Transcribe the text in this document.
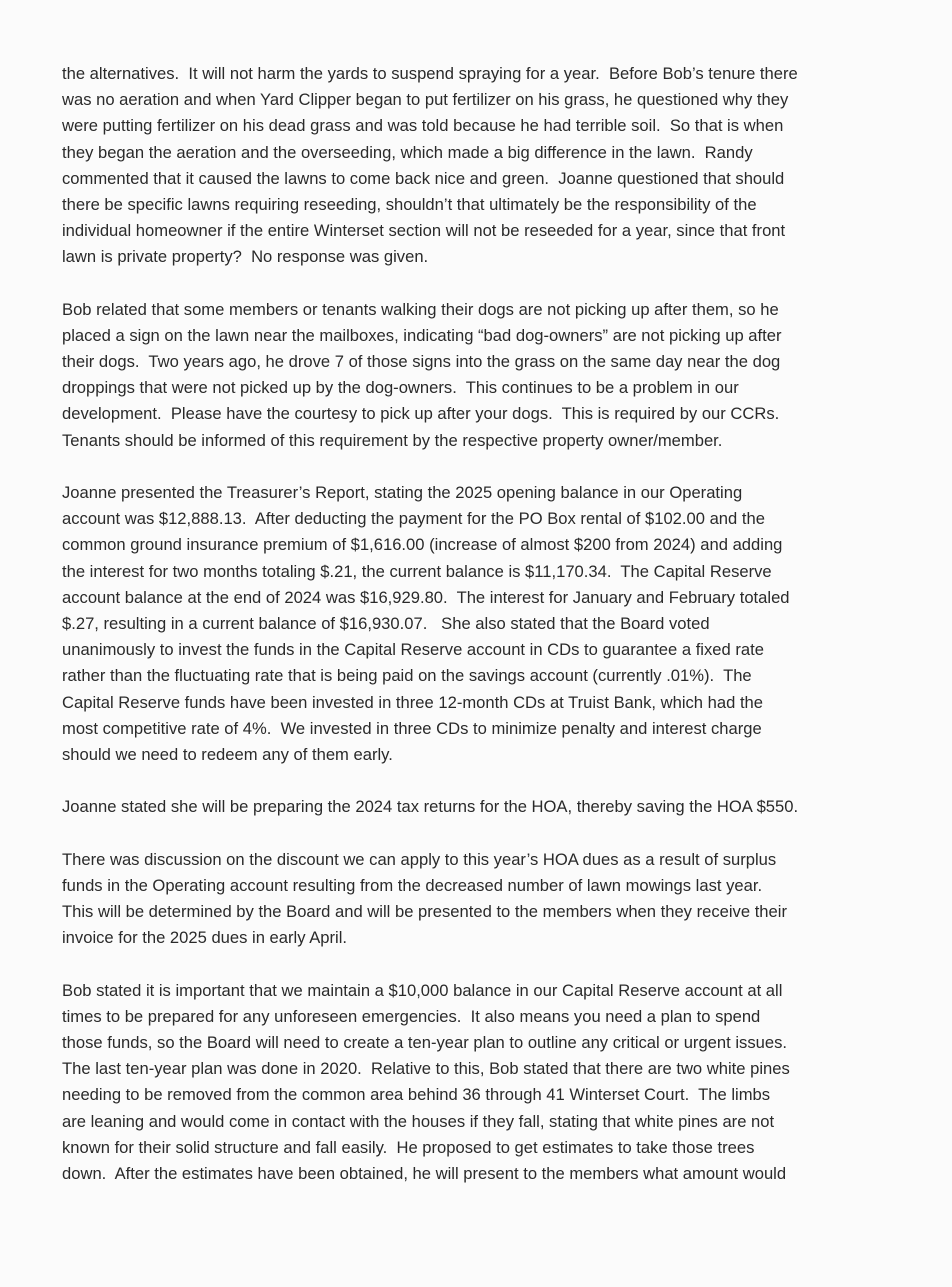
the alternatives.  It will not harm the yards to suspend spraying for a year.  Before Bob’s tenure there
was no aeration and when Yard Clipper began to put fertilizer on his grass, he questioned why they
were putting fertilizer on his dead grass and was told because he had terrible soil.  So that is when
they began the aeration and the overseeding, which made a big difference in the lawn.  Randy
commented that it caused the lawns to come back nice and green.  Joanne questioned that should
there be specific lawns requiring reseeding, shouldn’t that ultimately be the responsibility of the
individual homeowner if the entire Winterset section will not be reseeded for a year, since that front
lawn is private property?  No response was given.
Bob related that some members or tenants walking their dogs are not picking up after them, so he
placed a sign on the lawn near the mailboxes, indicating “bad dog-owners” are not picking up after
their dogs.  Two years ago, he drove 7 of those signs into the grass on the same day near the dog
droppings that were not picked up by the dog-owners.  This continues to be a problem in our
development.  Please have the courtesy to pick up after your dogs.  This is required by our CCRs.
Tenants should be informed of this requirement by the respective property owner/member.
Joanne presented the Treasurer’s Report, stating the 2025 opening balance in our Operating
account was $12,888.13.  After deducting the payment for the PO Box rental of $102.00 and the
common ground insurance premium of $1,616.00 (increase of almost $200 from 2024) and adding
the interest for two months totaling $.21, the current balance is $11,170.34.  The Capital Reserve
account balance at the end of 2024 was $16,929.80.  The interest for January and February totaled
$.27, resulting in a current balance of $16,930.07.   She also stated that the Board voted
unanimously to invest the funds in the Capital Reserve account in CDs to guarantee a fixed rate
rather than the fluctuating rate that is being paid on the savings account (currently .01%).  The
Capital Reserve funds have been invested in three 12-month CDs at Truist Bank, which had the
most competitive rate of 4%.  We invested in three CDs to minimize penalty and interest charge
should we need to redeem any of them early.
Joanne stated she will be preparing the 2024 tax returns for the HOA, thereby saving the HOA $550.
There was discussion on the discount we can apply to this year’s HOA dues as a result of surplus
funds in the Operating account resulting from the decreased number of lawn mowings last year.
This will be determined by the Board and will be presented to the members when they receive their
invoice for the 2025 dues in early April.
Bob stated it is important that we maintain a $10,000 balance in our Capital Reserve account at all
times to be prepared for any unforeseen emergencies.  It also means you need a plan to spend
those funds, so the Board will need to create a ten-year plan to outline any critical or urgent issues.
The last ten-year plan was done in 2020.  Relative to this, Bob stated that there are two white pines
needing to be removed from the common area behind 36 through 41 Winterset Court.  The limbs
are leaning and would come in contact with the houses if they fall, stating that white pines are not
known for their solid structure and fall easily.  He proposed to get estimates to take those trees
down.  After the estimates have been obtained, he will present to the members what amount would
